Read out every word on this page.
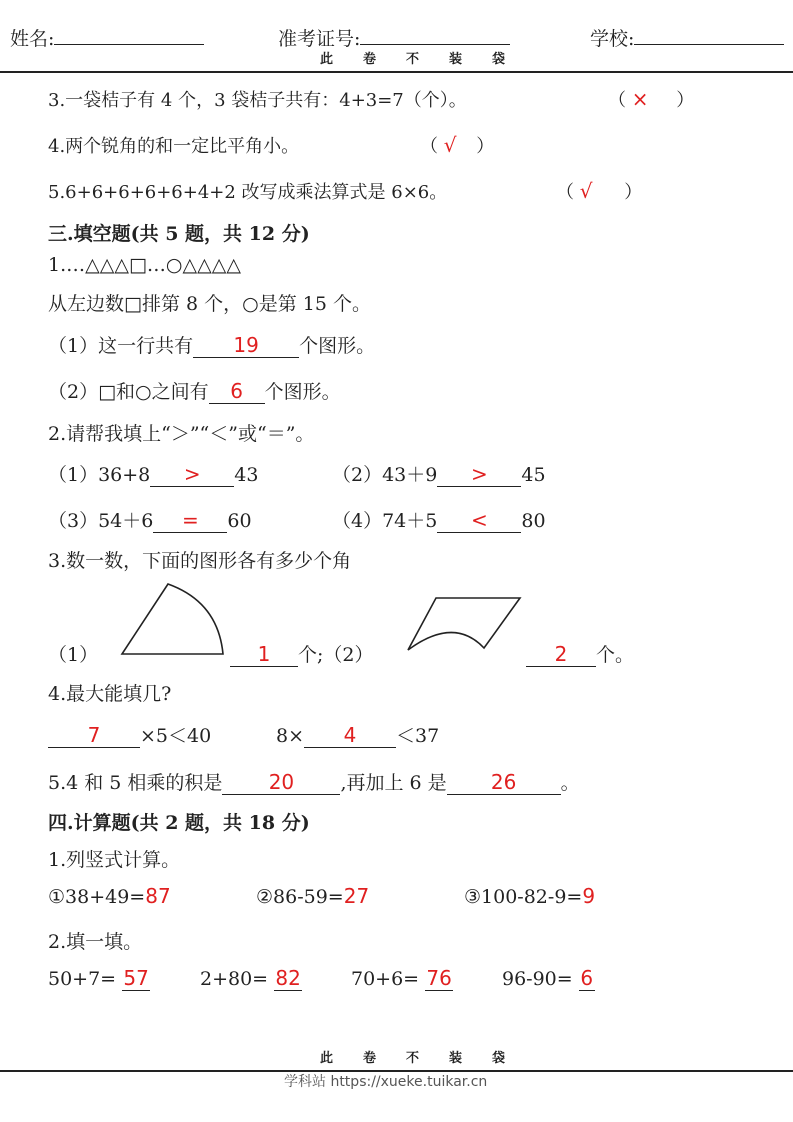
姓名:	准考证号:	学校:
此卷不装袋
3.一袋桔子有 4 个，3 袋桔子共有：4+3=7（个）。	（ × ）
4.两个锐角的和一定比平角小。	（ √ ）
5.6+6+6+6+6+4+2 改写成乘法算式是 6×6。	（ √ ）
三.填空题(共 5 题，共 12 分)
1.…△△△□…○△△△△
从左边数□排第 8 个，○是第 15 个。
（1）这一行共有 19 个图形。
（2）□和○之间有 6 个图形。
2.请帮我填上“＞”“＜”或“＝”。
（1）36+8 > 43	（2）43＋9 > 45
（3）54＋6 = 60	（4）74＋5 < 80
3.数一数，下面的图形各有多少个角
（1）	1 个;（2）	2 个。
4.最大能填几?
7 ×5＜40	8× 4 ＜37
5.4 和 5 相乘的积是 20 ,再加上 6 是 26 。
四.计算题(共 2 题，共 18 分)
1.列竖式计算。
①38+49=87	②86-59=27	③100-82-9=9
2.填一填。
50+7= 57	2+80= 82	70+6= 76	96-90= 6
此卷不装袋
学科站 https://xueke.tuikar.cn
